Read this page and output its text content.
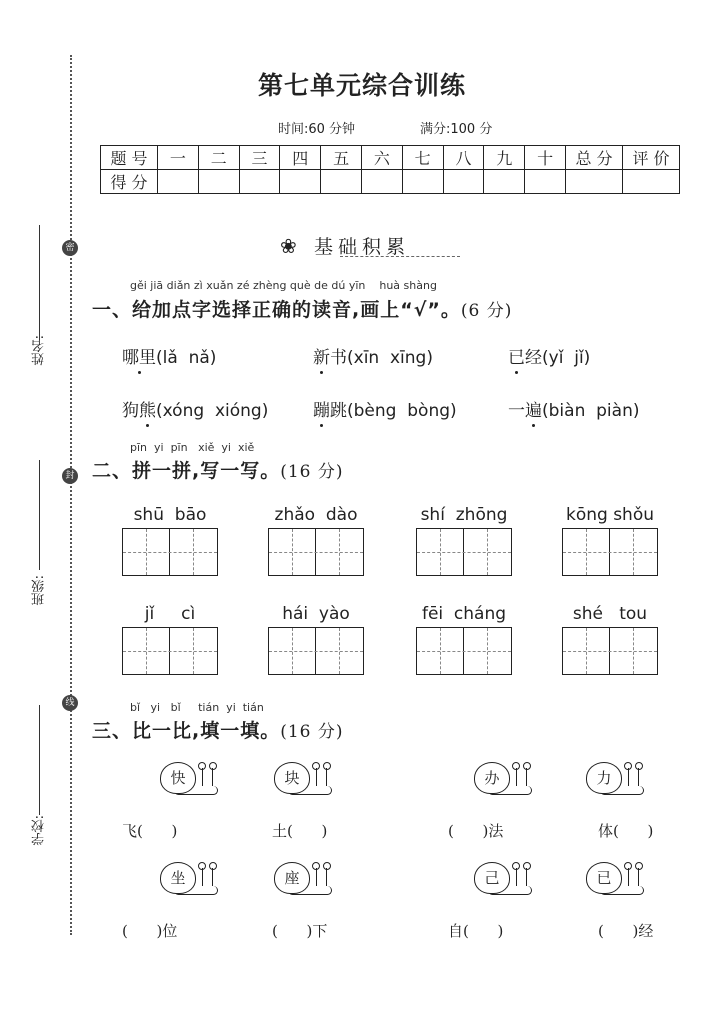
密
封
线
姓名:
班级:
学校:
第七单元综合训练
时间:60 分钟	满分:100 分
题 号	一	二	三	四	五	六	七	八	九	十	总 分	评 价
得 分												
❀ 基础积累
gěi jiā diǎn zì xuǎn zé zhèng què de dú yīn    huà shàng
一、给加点字选择正确的读音,画上“√”。(6 分)
哪里(lǎ  nǎ)	新书(xīn  xīng)	已经(yǐ  jǐ)
狗熊(xóng  xióng)	蹦跳(bèng  bòng)	一遍(biàn  piàn)
pīn  yi  pīn   xiě  yi  xiě
二、拼一拼,写一写。(16 分)
shū  bāo	zhǎo  dào	shí  zhōng	kōng shǒu
jǐ     cì	hái  yào	fēi  cháng	shé   tou
bǐ   yi   bǐ     tián  yi  tián
三、比一比,填一填。(16 分)
快	块	办	力
飞(      )	土(      )	(      )法	体(      )
坐	座	己	已
(      )位	(      )下	自(      )	(      )经
